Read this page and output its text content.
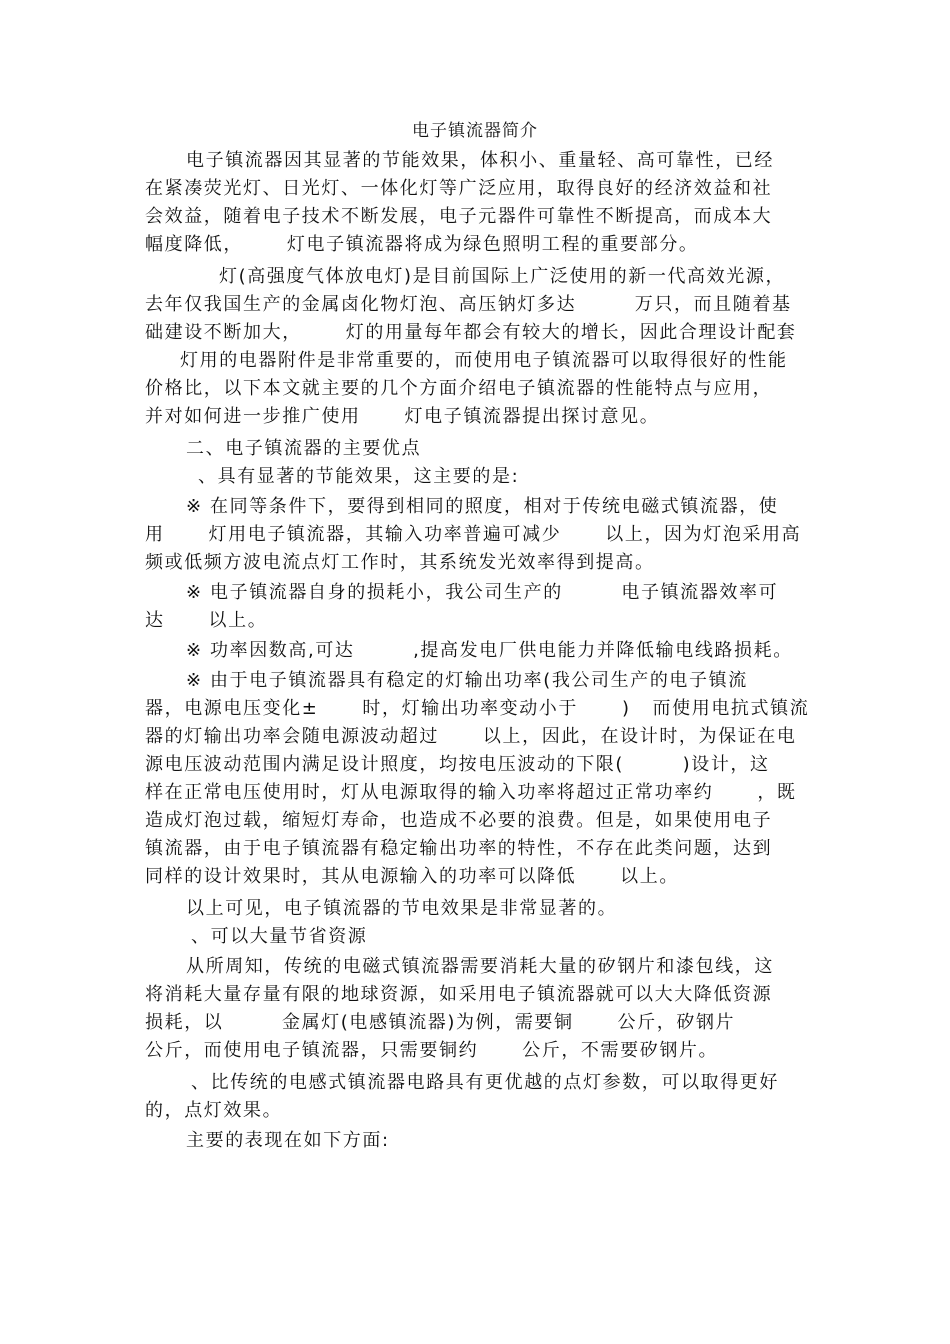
电子镇流器简介
电子镇流器因其显著的节能效果，体积小、重量轻、高可靠性，已经
在紧凑荧光灯、日光灯、一体化灯等广泛应用，取得良好的经济效益和社
会效益，随着电子技术不断发展，电子元器件可靠性不断提高，而成本大
幅度降低，      灯电子镇流器将成为绿色照明工程的重要部分。
灯(高强度气体放电灯)是目前国际上广泛使用的新一代高效光源，
去年仅我国生产的金属卤化物灯泡、高压钠灯多达        万只，而且随着基
础建设不断加大，      灯的用量每年都会有较大的增长，因此合理设计配套
灯用的电器附件是非常重要的，而使用电子镇流器可以取得很好的性能
价格比，以下本文就主要的几个方面介绍电子镇流器的性能特点与应用，
并对如何进一步推广使用      灯电子镇流器提出探讨意见。
二、电子镇流器的主要优点
、具有显著的节能效果，这主要的是:
※ 在同等条件下，要得到相同的照度，相对于传统电磁式镇流器，使
用      灯用电子镇流器，其输入功率普遍可减少      以上，因为灯泡采用高
频或低频方波电流点灯工作时，其系统发光效率得到提高。
※ 电子镇流器自身的损耗小，我公司生产的        电子镇流器效率可
达      以上。
※ 功率因数高,可达        ,提高发电厂供电能力并降低输电线路损耗。
※ 由于电子镇流器具有稳定的灯输出功率(我公司生产的电子镇流
器，电源电压变化±      时，灯输出功率变动小于      )   而使用电抗式镇流
器的灯输出功率会随电源波动超过      以上，因此，在设计时，为保证在电
源电压波动范围内满足设计照度，均按电压波动的下限(        )设计，这
样在正常电压使用时，灯从电源取得的输入功率将超过正常功率约      ，既
造成灯泡过载，缩短灯寿命，也造成不必要的浪费。但是，如果使用电子
镇流器，由于电子镇流器有稳定输出功率的特性，不存在此类问题，达到
同样的设计效果时，其从电源输入的功率可以降低      以上。
以上可见，电子镇流器的节电效果是非常显著的。
、可以大量节省资源
从所周知，传统的电磁式镇流器需要消耗大量的矽钢片和漆包线，这
将消耗大量存量有限的地球资源，如采用电子镇流器就可以大大降低资源
损耗，以        金属灯(电感镇流器)为例，需要铜      公斤，矽钢片
公斤，而使用电子镇流器，只需要铜约      公斤，不需要矽钢片。
、比传统的电感式镇流器电路具有更优越的点灯参数，可以取得更好
的，点灯效果。
主要的表现在如下方面:
